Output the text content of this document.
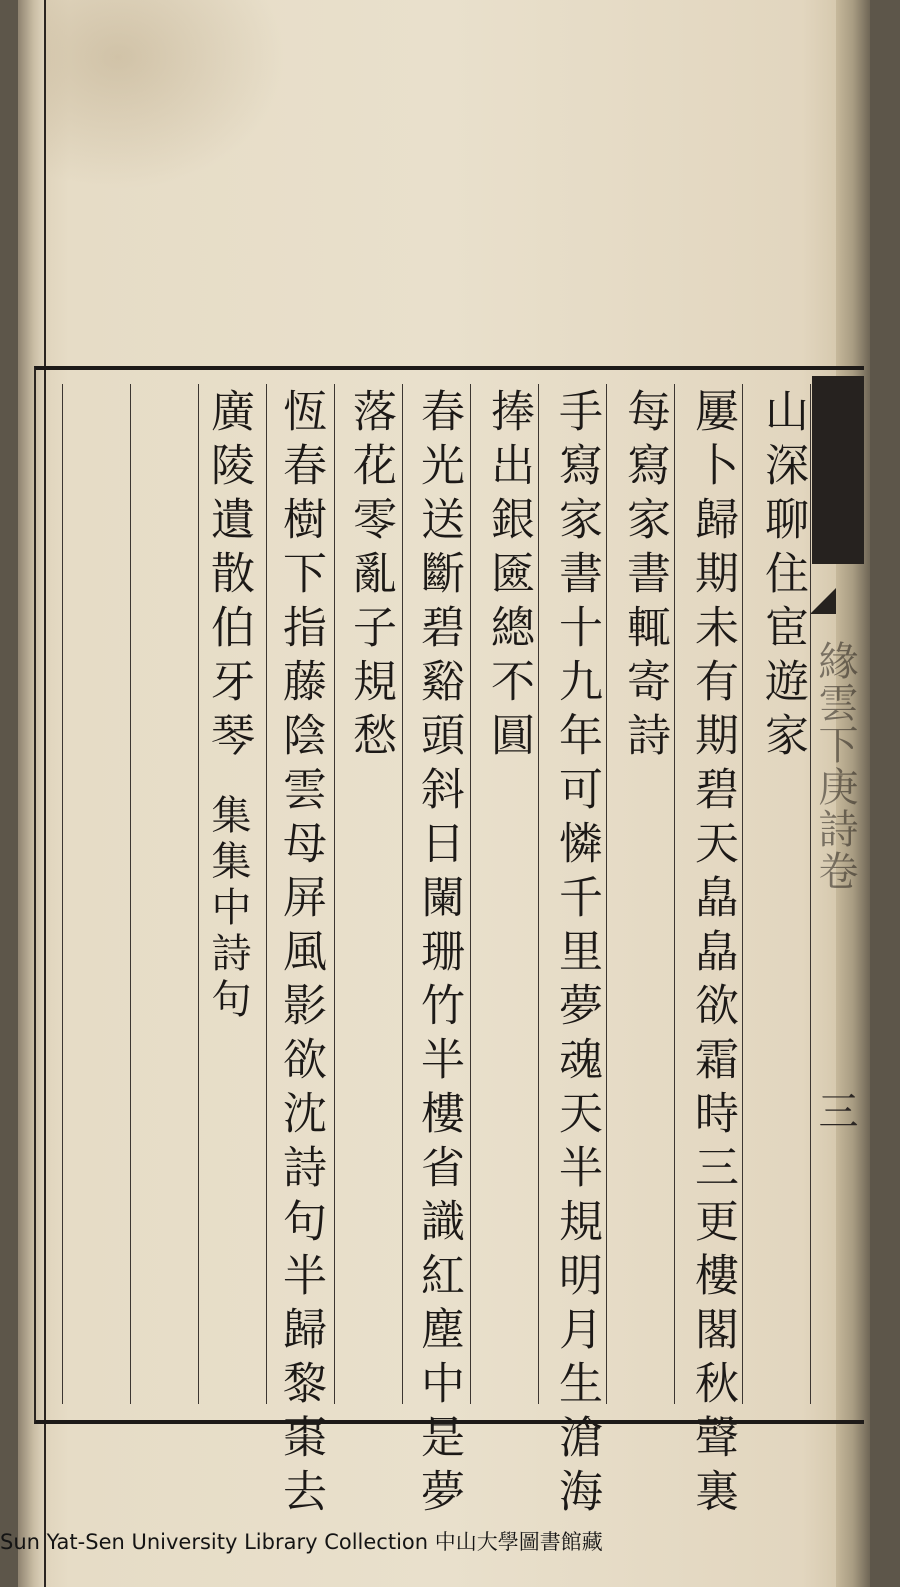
緣雲下庚詩卷
三
山深聊住宦遊家
屢卜歸期未有期碧天皛皛欲霜時三更樓閣秋聲裏
每寫家書輒寄詩
手寫家書十九年可憐千里夢魂天半規明月生滄海
捧出銀匳總不圓
春光送斷碧谿頭斜日闌珊竹半樓省識紅塵中是夢
落花零亂子規愁
恆春樹下指藤陰雲母屏風影欲沈詩句半歸黎棗去
廣陵遺散伯牙琴
集集中詩句
Sun Yat-Sen University Library Collection 中山大學圖書館藏
